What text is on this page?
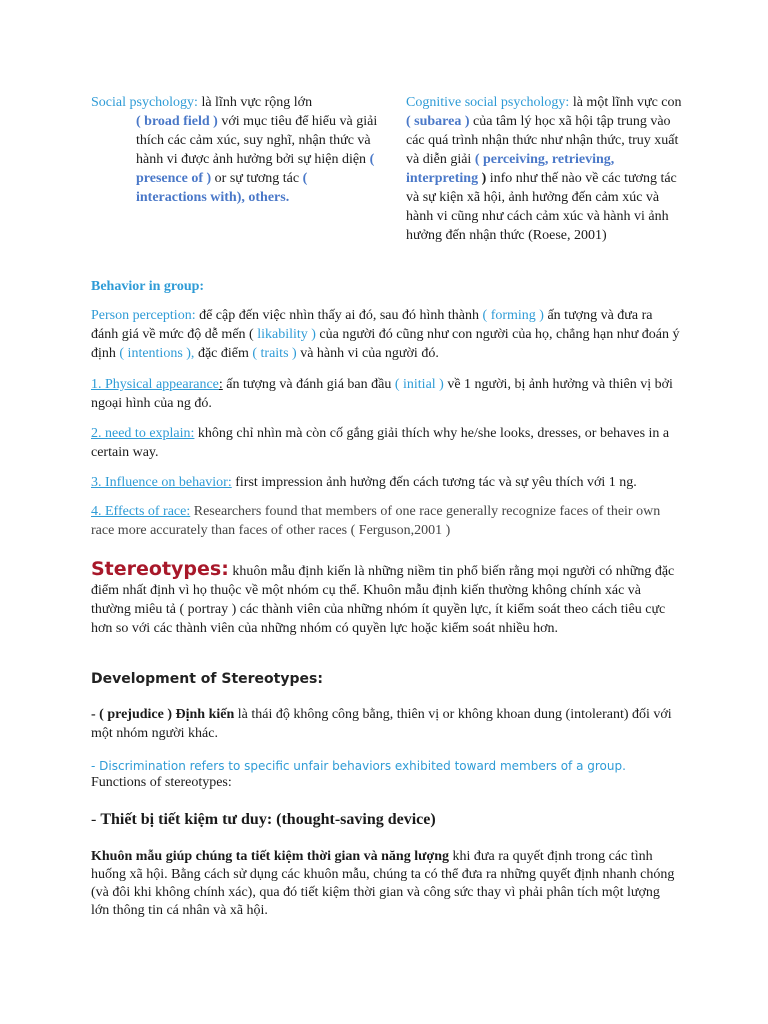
Social psychology: là lĩnh vực rộng lớn
( broad field ) với mục tiêu để hiểu và giải thích các cảm xúc, suy nghĩ, nhận thức và hành vi được ảnh hưởng bởi sự hiện diện ( presence of ) or sự tương tác ( interactions with), others.
Cognitive social psychology: là một lĩnh vực con ( subarea ) của tâm lý học xã hội tập trung vào các quá trình nhận thức như nhận thức, truy xuất và diễn giải ( perceiving, retrieving, interpreting ) info như thế nào về các tương tác và sự kiện xã hội, ảnh hưởng đến cảm xúc và hành vi cũng như cách cảm xúc và hành vi ảnh hưởng đến nhận thức (Roese, 2001)
Behavior in group:
Person perception: để cập đến việc nhìn thấy ai đó, sau đó hình thành ( forming ) ấn tượng và đưa ra đánh giá về mức độ dễ mến ( likability ) của người đó cũng như con người của họ, chẳng hạn như đoán ý định ( intentions ), đặc điểm ( traits ) và hành vi của người đó.
1. Physical appearance: ấn tượng và đánh giá ban đầu ( initial ) về 1 người, bị ảnh hưởng và thiên vị bởi ngoại hình của ng đó.
2. need to explain: không chỉ nhìn mà còn cố gắng giải thích why he/she looks, dresses, or behaves in a certain way.
3. Influence on behavior: first impression ảnh hưởng đến cách tương tác và sự yêu thích với 1 ng.
4. Effects of race: Researchers found that members of one race generally recognize faces of their own race more accurately than faces of other races ( Ferguson,2001 )
Stereotypes: khuôn mẫu định kiến là những niềm tin phổ biến rằng mọi người có những đặc điểm nhất định vì họ thuộc về một nhóm cụ thể. Khuôn mẫu định kiến thường không chính xác và thường miêu tả ( portray ) các thành viên của những nhóm ít quyền lực, ít kiểm soát theo cách tiêu cực hơn so với các thành viên của những nhóm có quyền lực hoặc kiểm soát nhiều hơn.
Development of Stereotypes:
- ( prejudice ) Định kiến là thái độ không công bằng, thiên vị or không khoan dung (intolerant) đối với một nhóm người khác.
- Discrimination refers to specific unfair behaviors exhibited toward members of a group.
Functions of stereotypes:
- Thiết bị tiết kiệm tư duy: (thought-saving device)
Khuôn mẫu giúp chúng ta tiết kiệm thời gian và năng lượng khi đưa ra quyết định trong các tình huống xã hội. Bằng cách sử dụng các khuôn mẫu, chúng ta có thể đưa ra những quyết định nhanh chóng (và đôi khi không chính xác), qua đó tiết kiệm thời gian và công sức thay vì phải phân tích một lượng lớn thông tin cá nhân và xã hội.
